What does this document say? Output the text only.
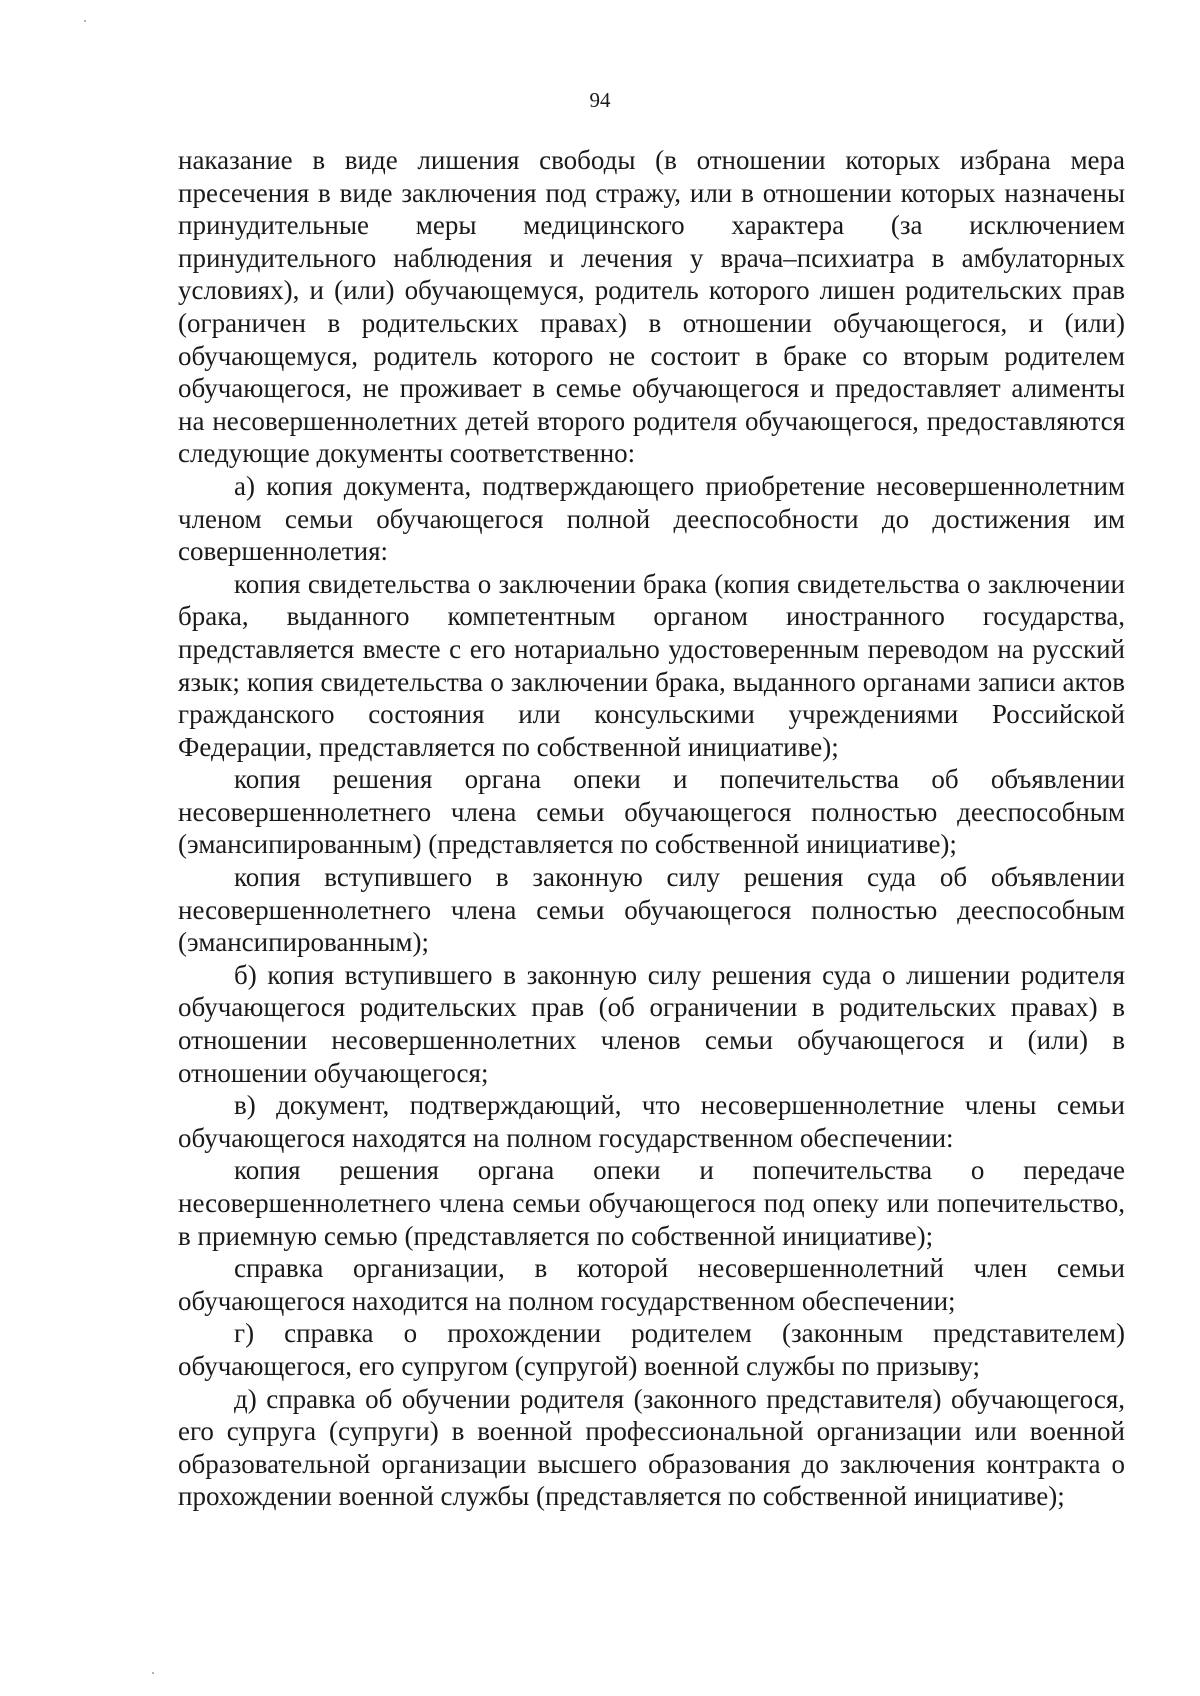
94

наказание в виде лишения свободы (в отношении которых избрана мера пресечения в виде заключения под стражу, или в отношении которых назначены принудительные меры медицинского характера (за исключением принудительного наблюдения и лечения у врача–психиатра в амбулаторных условиях), и (или) обучающемуся, родитель которого лишен родительских прав (ограничен в родительских правах) в отношении обучающегося, и (или) обучающемуся, родитель которого не состоит в браке со вторым родителем обучающегося, не проживает в семье обучающегося и предоставляет алименты на несовершеннолетних детей второго родителя обучающегося, предоставляются следующие документы соответственно:

а) копия документа, подтверждающего приобретение несовершеннолетним членом семьи обучающегося полной дееспособности до достижения им совершеннолетия:

копия свидетельства о заключении брака (копия свидетельства о заключении брака, выданного компетентным органом иностранного государства, представляется вместе с его нотариально удостоверенным переводом на русский язык; копия свидетельства о заключении брака, выданного органами записи актов гражданского состояния или консульскими учреждениями Российской Федерации, представляется по собственной инициативе);

копия решения органа опеки и попечительства об объявлении несовершеннолетнего члена семьи обучающегося полностью дееспособным (эмансипированным) (представляется по собственной инициативе);

копия вступившего в законную силу решения суда об объявлении несовершеннолетнего члена семьи обучающегося полностью дееспособным (эмансипированным);

б) копия вступившего в законную силу решения суда о лишении родителя обучающегося родительских прав (об ограничении в родительских правах) в отношении несовершеннолетних членов семьи обучающегося и (или) в отношении обучающегося;

в) документ, подтверждающий, что несовершеннолетние члены семьи обучающегося находятся на полном государственном обеспечении:

копия решения органа опеки и попечительства о передаче несовершеннолетнего члена семьи обучающегося под опеку или попечительство, в приемную семью (представляется по собственной инициативе);

справка организации, в которой несовершеннолетний член семьи обучающегося находится на полном государственном обеспечении;

г) справка о прохождении родителем (законным представителем) обучающегося, его супругом (супругой) военной службы по призыву;

д) справка об обучении родителя (законного представителя) обучающегося, его супруга (супруги) в военной профессиональной организации или военной образовательной организации высшего образования до заключения контракта о прохождении военной службы (представляется по собственной инициативе);
